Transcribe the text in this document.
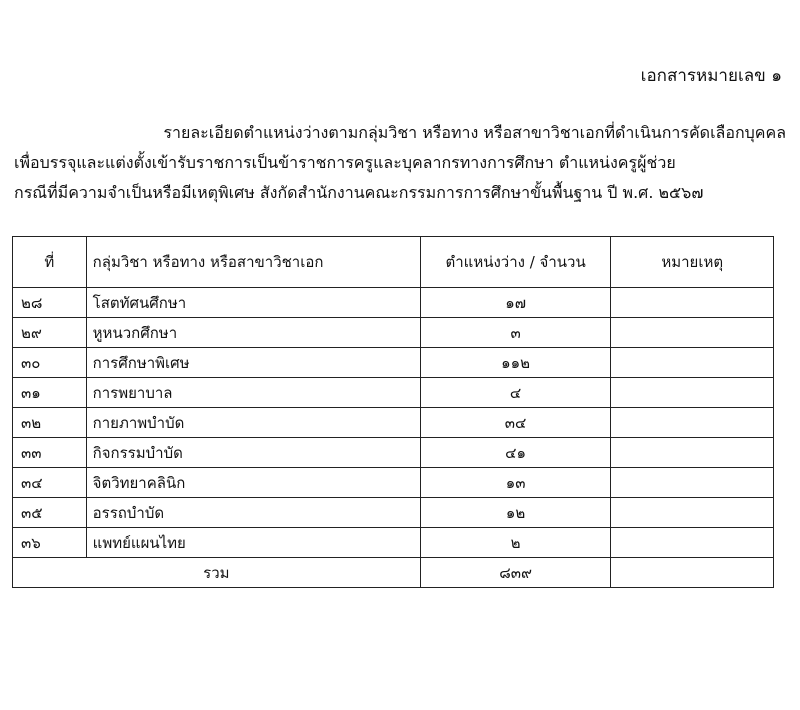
เอกสารหมายเลข ๑
รายละเอียดตำแหน่งว่างตามกลุ่มวิชา หรือทาง หรือสาขาวิชาเอกที่ดำเนินการคัดเลือกบุคคล
เพื่อบรรจุและแต่งตั้งเข้ารับราชการเป็นข้าราชการครูและบุคลากรทางการศึกษา ตำแหน่งครูผู้ช่วย
กรณีที่มีความจำเป็นหรือมีเหตุพิเศษ สังกัดสำนักงานคณะกรรมการการศึกษาขั้นพื้นฐาน ปี พ.ศ. ๒๕๖๗
ที่	กลุ่มวิชา หรือทาง หรือสาขาวิชาเอก	ตำแหน่งว่าง / จำนวน	หมายเหตุ
๒๘	โสตทัศนศึกษา	๑๗	
๒๙	หูหนวกศึกษา	๓	
๓๐	การศึกษาพิเศษ	๑๑๒	
๓๑	การพยาบาล	๔	
๓๒	กายภาพบำบัด	๓๔	
๓๓	กิจกรรมบำบัด	๔๑	
๓๔	จิตวิทยาคลินิก	๑๓	
๓๕	อรรถบำบัด	๑๒	
๓๖	แพทย์แผนไทย	๒	
รวม		๘๓๙	
